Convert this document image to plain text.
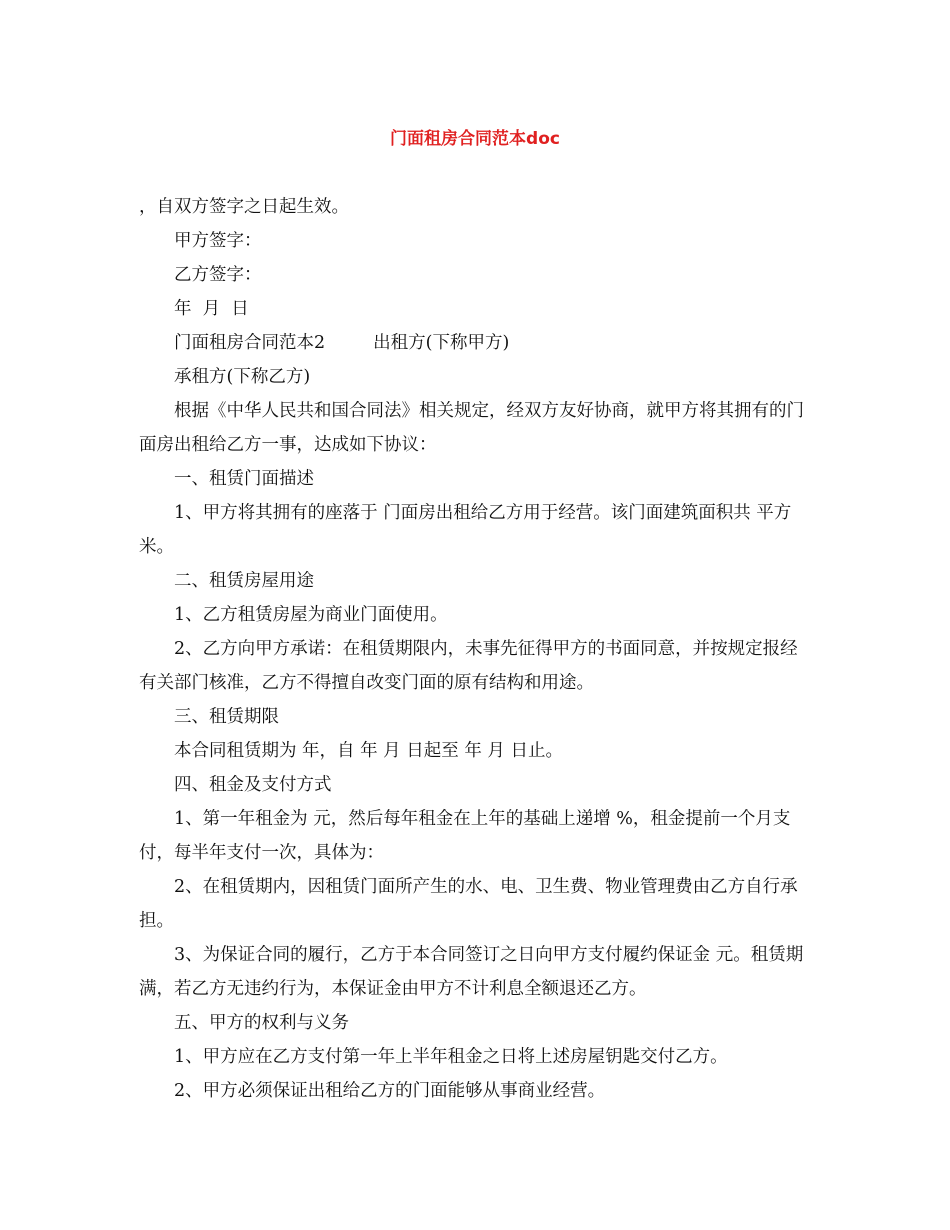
门面租房合同范本doc

，自双方签字之日起生效。

甲方签字：

乙方签字：

年  月  日

门面租房合同范本2	出租方(下称甲方)

承租方(下称乙方)

根据《中华人民共和国合同法》相关规定，经双方友好协商，就甲方将其拥有的门面房出租给乙方一事，达成如下协议：

一、租赁门面描述

1、甲方将其拥有的座落于 门面房出租给乙方用于经营。该门面建筑面积共 平方米。

二、租赁房屋用途

1、乙方租赁房屋为商业门面使用。

2、乙方向甲方承诺：在租赁期限内，未事先征得甲方的书面同意，并按规定报经有关部门核准，乙方不得擅自改变门面的原有结构和用途。

三、租赁期限

本合同租赁期为 年，自 年 月 日起至 年 月 日止。

四、租金及支付方式

1、第一年租金为 元，然后每年租金在上年的基础上递增 %，租金提前一个月支付，每半年支付一次，具体为：

2、在租赁期内，因租赁门面所产生的水、电、卫生费、物业管理费由乙方自行承担。

3、为保证合同的履行，乙方于本合同签订之日向甲方支付履约保证金 元。租赁期满，若乙方无违约行为，本保证金由甲方不计利息全额退还乙方。

五、甲方的权利与义务

1、甲方应在乙方支付第一年上半年租金之日将上述房屋钥匙交付乙方。

2、甲方必须保证出租给乙方的门面能够从事商业经营。
